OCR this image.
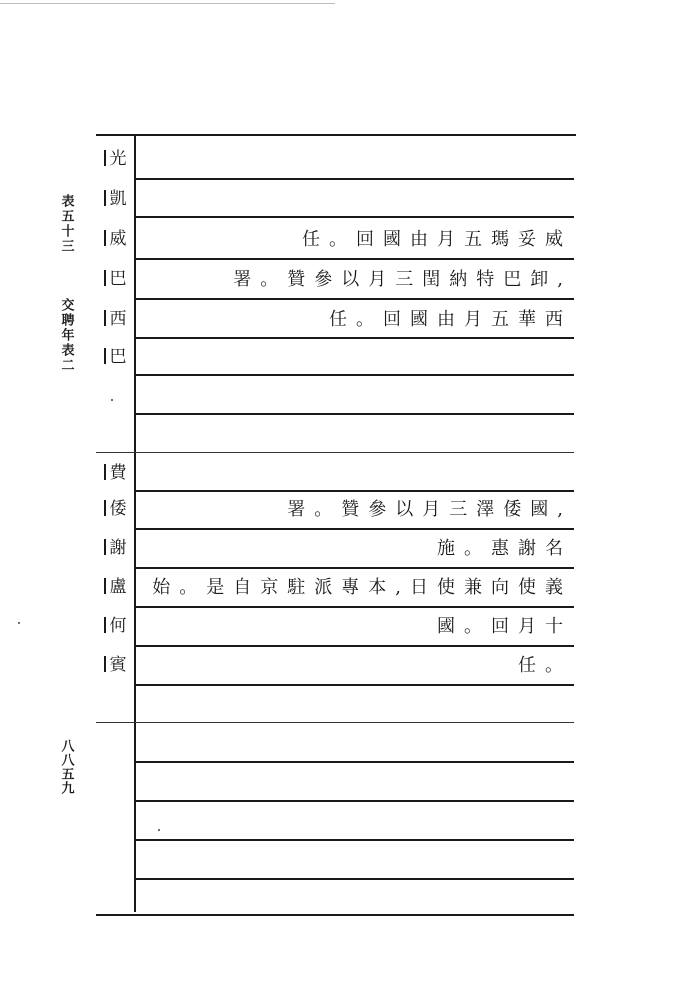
表五十三
交聘年表二
八八五九
光
凱
威	任。回國由月五瑪妥威
巴	署。贊參以月三閏納特巴卸,
西	任。回國由月五華西
巴
費
倭	署。贊參以月三澤倭國,
謝	施。惠謝名
盧	始。是自京駐派專本,日使兼向使義
何	國。回月十
賓	任。
